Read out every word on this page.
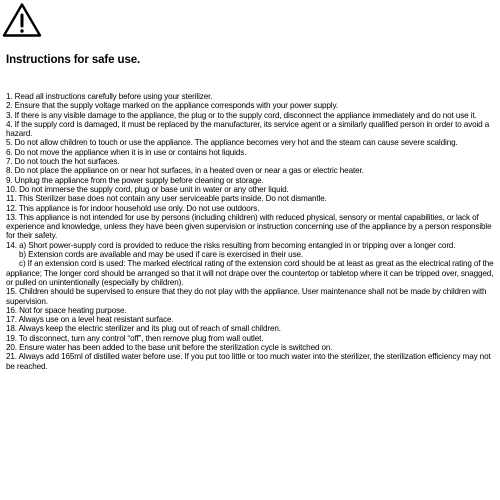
Instructions for safe use.
1. Read all instructions carefully before using your sterilizer.
2. Ensure that the supply voltage marked on the appliance corresponds with your power supply.
3. If there is any visible damage to the appliance, the plug or to the supply cord, disconnect the appliance immediately and do not use it.
4. If the supply cord is damaged, it must be replaced by the manufacturer, its service agent or a similarly qualified person in order to avoid a hazard.
5. Do not allow children to touch or use the appliance. The appliance becomes very hot and the steam can cause severe scalding.
6. Do not move the appliance when it is in use or contains hot liquids.
7. Do not touch the hot surfaces.
8. Do not place the appliance on or near hot surfaces, in a heated oven or near a gas or electric heater.
9. Unplug the appliance from the power supply before cleaning or storage.
10. Do not immerse the supply cord, plug or base unit in water or any other liquid.
11. This Sterilizer base does not contain any user serviceable parts inside. Do not dismantle.
12. This appliance is for indoor household use only. Do not use outdoors.
13. This appliance is not intended for use by persons (including children) with reduced physical, sensory or mental capabilities, or lack of experience and knowledge, unless they have been given supervision or instruction concerning use of the appliance by a person responsible for their safety.
14. a) Short power-supply cord is provided to reduce the risks resulting from becoming entangled in or tripping over a longer cord.
b) Extension cords are available and may be used if care is exercised in their use.
c) If an extension cord is used: The marked electrical rating of the extension cord should be at least as great as the electrical rating of the appliance; The longer cord should be arranged so that it will not drape over the countertop or tabletop where it can be tripped over, snagged, or pulled on unintentionally (especially by children).
15. Children should be supervised to ensure that they do not play with the appliance. User maintenance shall not be made by children with supervision.
16. Not for space heating purpose.
17. Always use on a level heat resistant surface.
18. Always keep the electric sterilizer and its plug out of reach of small children.
19. To disconnect, turn any control “off”, then remove plug from wall outlet.
20. Ensure water has been added to the base unit before the sterilization cycle is switched on.
21. Always add 165ml of distilled water before use. If you put too little or too much water into the sterilizer, the sterilization efficiency may not be reached.
